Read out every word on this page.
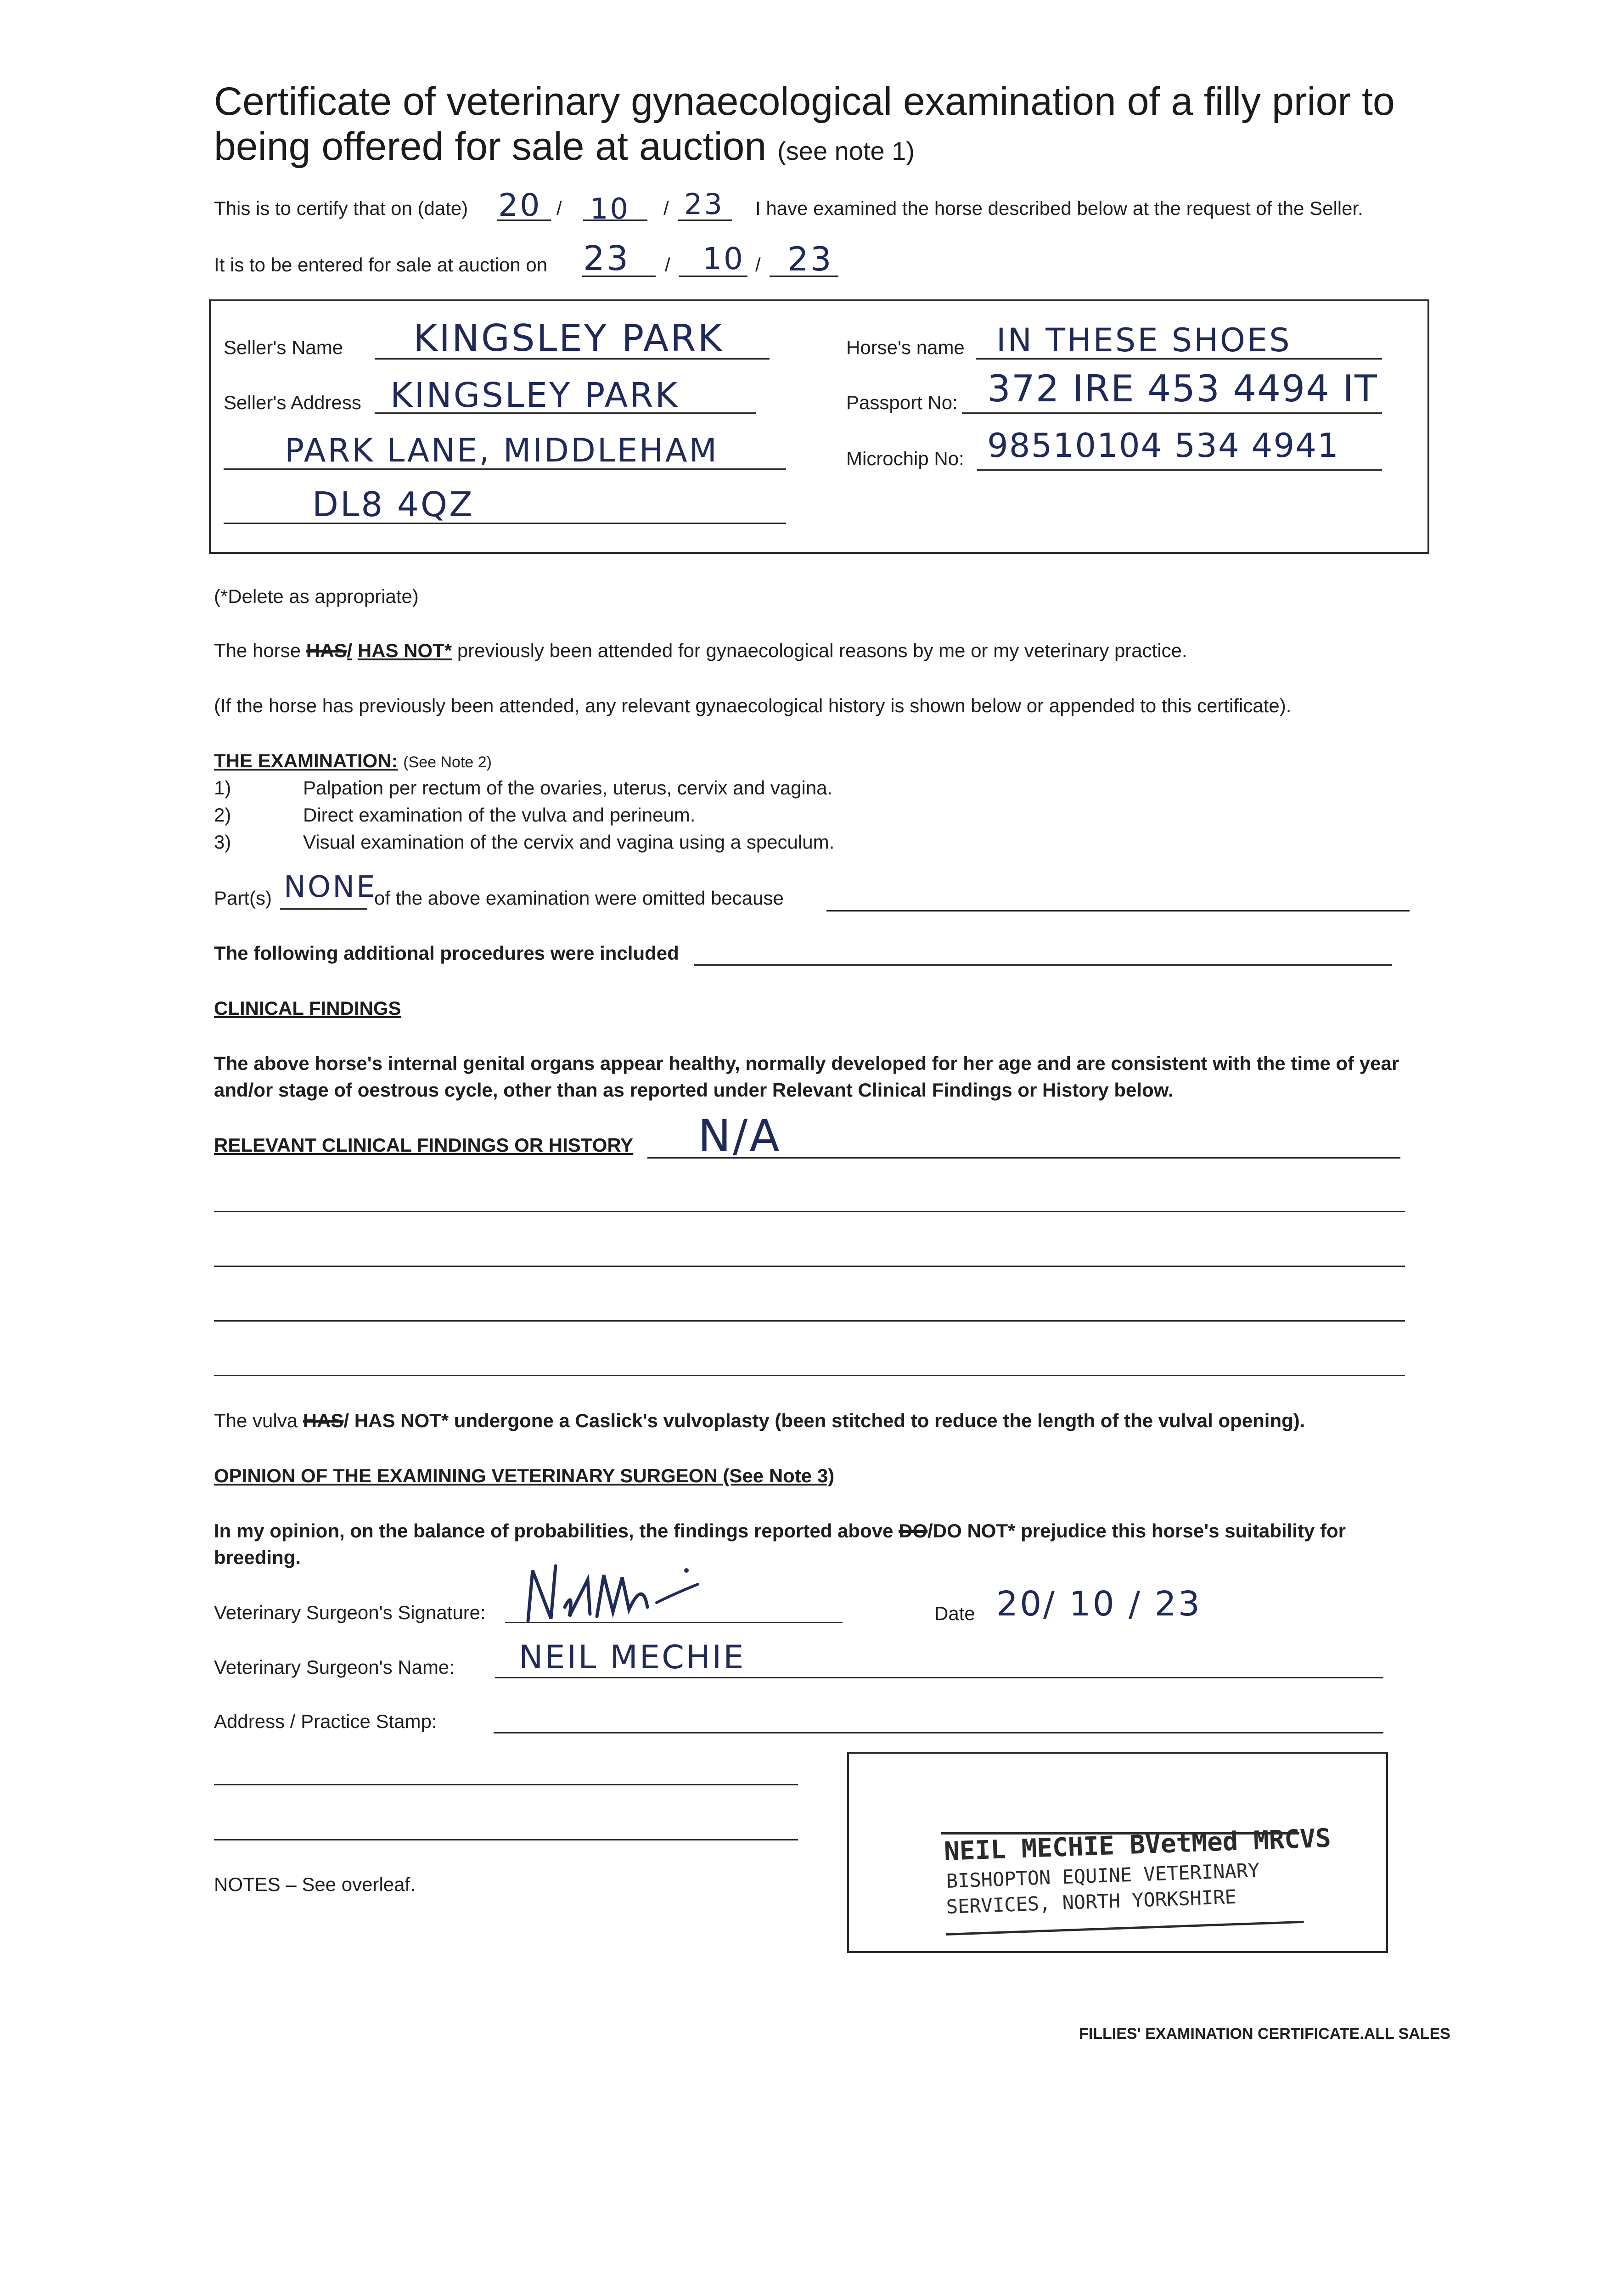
Certificate of veterinary gynaecological examination of a filly prior to
being offered for sale at auction (see note 1)
This is to certify that on (date) 20 / 10 / 23 I have examined the horse described below at the request of the Seller.
It is to be entered for sale at auction on 23 / 10 / 23
Seller's Name KINGSLEY PARK
Seller's Address KINGSLEY PARK
PARK LANE, MIDDLEHAM
DL8 4QZ
Horse's name IN THESE SHOES
Passport No: 372 IRE 453 4494 IT
Microchip No: 98510104 534 4941
(*Delete as appropriate)
The horse HAS/ HAS NOT* previously been attended for gynaecological reasons by me or my veterinary practice.
(If the horse has previously been attended, any relevant gynaecological history is shown below or appended to this certificate).
THE EXAMINATION: (See Note 2)
1)	Palpation per rectum of the ovaries, uterus, cervix and vagina.
2)	Direct examination of the vulva and perineum.
3)	Visual examination of the cervix and vagina using a speculum.
Part(s) NONE
of the above examination were omitted because
The following additional procedures were included
CLINICAL FINDINGS
The above horse's internal genital organs appear healthy, normally developed for her age and are consistent with the time of year
and/or stage of oestrous cycle, other than as reported under Relevant Clinical Findings or History below.
RELEVANT CLINICAL FINDINGS OR HISTORY N/A
The vulva HAS/ HAS NOT* undergone a Caslick's vulvoplasty (been stitched to reduce the length of the vulval opening).
OPINION OF THE EXAMINING VETERINARY SURGEON (See Note 3)
In my opinion, on the balance of probabilities, the findings reported above DO/DO NOT* prejudice this horse's suitability for
breeding.
Veterinary Surgeon's Signature:	Date 20/ 10 / 23
Veterinary Surgeon's Name: NEIL MECHIE
Address / Practice Stamp:
NOTES – See overleaf.
NEIL MECHIE BVetMed MRCVS
BISHOPTON EQUINE VETERINARY
SERVICES, NORTH YORKSHIRE
FILLIES' EXAMINATION CERTIFICATE.ALL SALES
